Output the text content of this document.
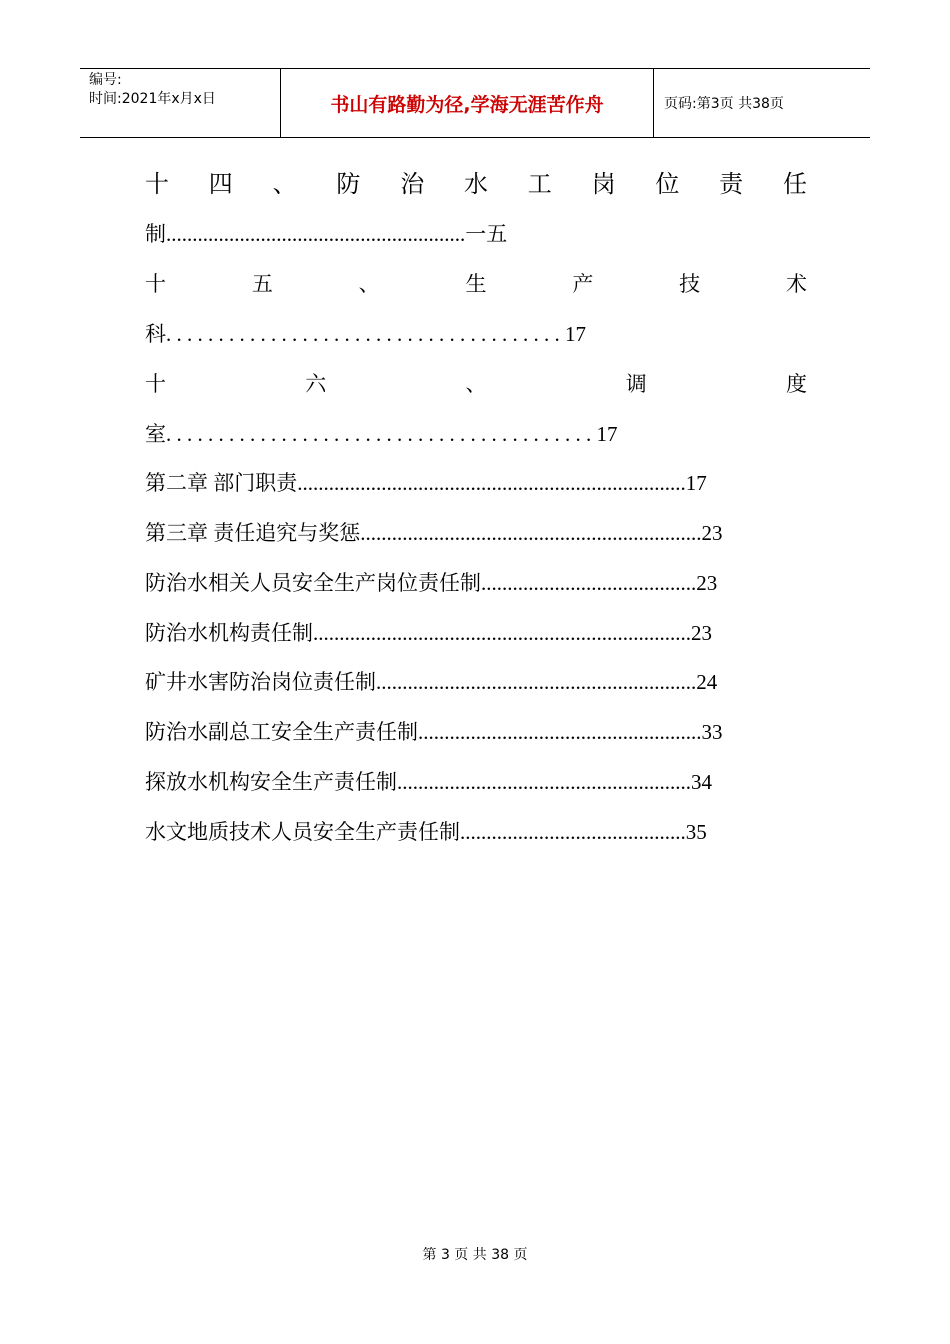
编号:
时间:2021年x月x日	书山有路勤为径,学海无涯苦作舟	页码:第3页 共38页
十 四 、 防 治 水 工 岗 位 责 任
制.........................................................一五
十	五	、	生	产	技	术
科. . . . . . . . . . . . . . . . . . . . . . . . . . . . . . . . . . . . . . 17
十	六	、	调	度
室. . . . . . . . . . . . . . . . . . . . . . . . . . . . . . . . . . . . . . . . . 17
第二章 部门职责..........................................................................17
第三章 责任追究与奖惩.................................................................23
防治水相关人员安全生产岗位责任制.........................................23
防治水机构责任制........................................................................23
矿井水害防治岗位责任制.............................................................24
防治水副总工安全生产责任制......................................................33
探放水机构安全生产责任制........................................................34
水文地质技术人员安全生产责任制...........................................35
第 3 页 共 38 页
